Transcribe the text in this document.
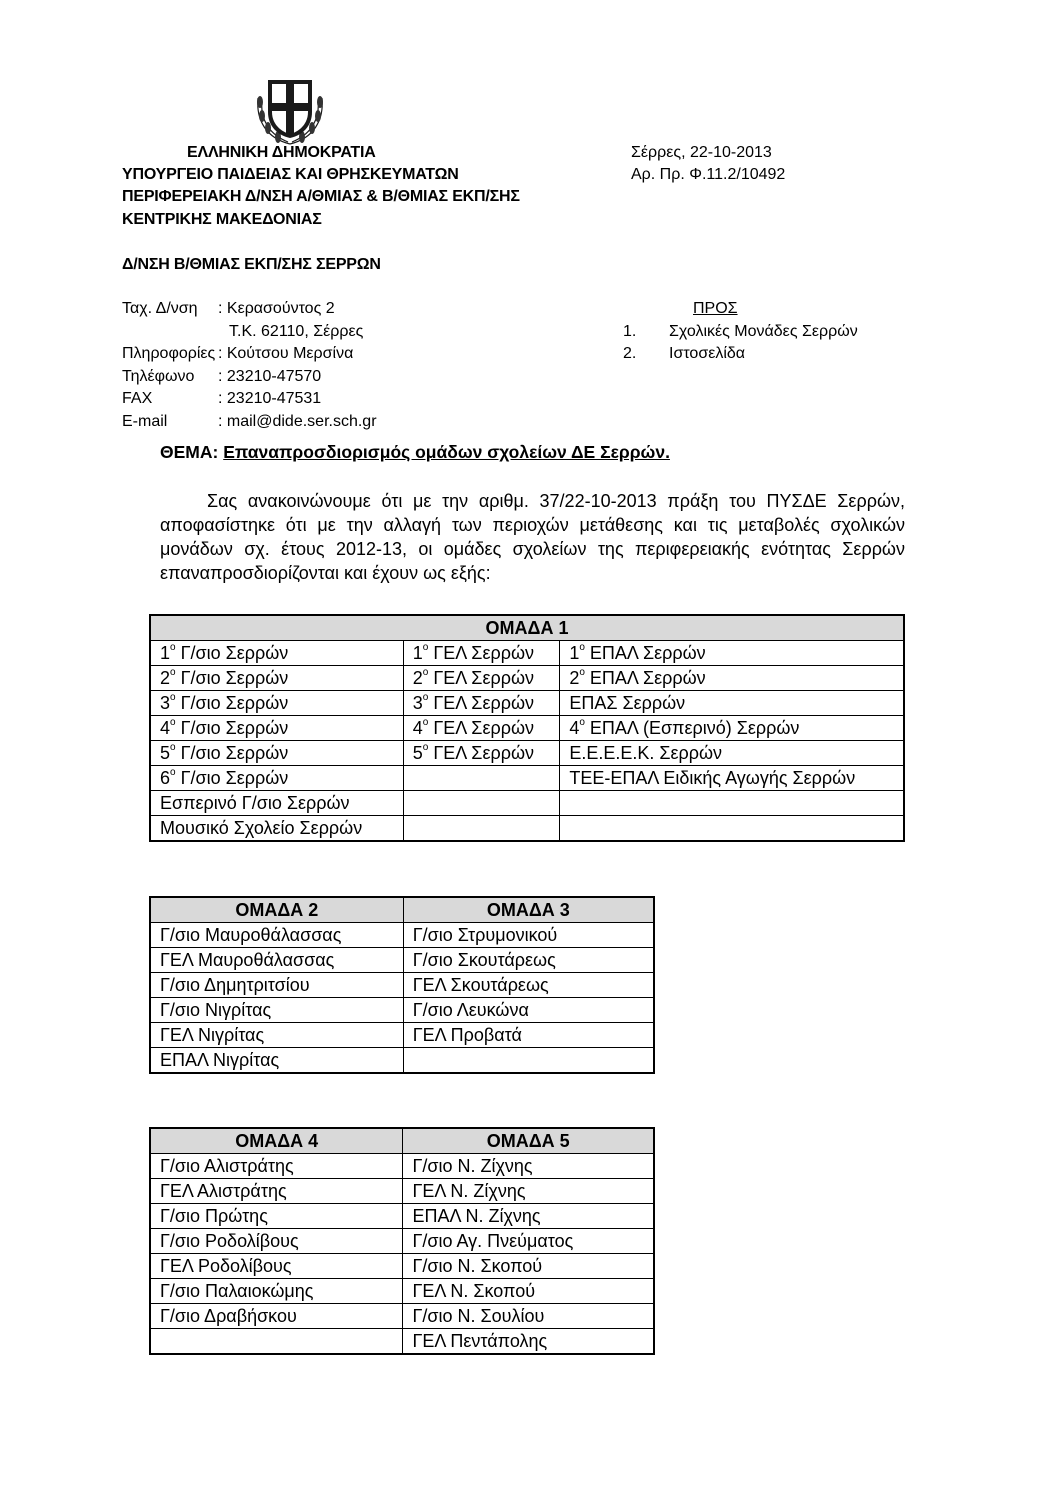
ΕΛΛΗΝΙΚΗ ΔΗΜΟΚΡΑΤΙΑ
ΥΠΟΥΡΓΕΙΟ ΠΑΙΔΕΙΑΣ ΚΑΙ ΘΡΗΣΚΕΥΜΑΤΩΝ
ΠΕΡΙΦΕΡΕΙΑΚΗ Δ/ΝΣΗ Α/ΘΜΙΑΣ & Β/ΘΜΙΑΣ ΕΚΠ/ΣΗΣ
ΚΕΝΤΡΙΚΗΣ ΜΑΚΕΔΟΝΙΑΣ
Δ/ΝΣΗ Β/ΘΜΙΑΣ ΕΚΠ/ΣΗΣ ΣΕΡΡΩΝ
Σέρρες, 22-10-2013
Αρ. Πρ. Φ.11.2/10492
Ταχ. Δ/νση : Κερασούντος 2
Τ.Κ. 62110, Σέρρες
Πληροφορίες : Κούτσου Μερσίνα
Τηλέφωνο : 23210-47570
FAX	: 23210-47531
E-mail	: mail@dide.ser.sch.gr
ΠΡΟΣ
1. Σχολικές Μονάδες Σερρών
2. Ιστοσελίδα
ΘΕΜΑ: Επαναπροσδιορισμός ομάδων σχολείων ΔΕ Σερρών.
Σας ανακοινώνουμε ότι με την αριθμ. 37/22-10-2013 πράξη του ΠΥΣΔΕ Σερρών, αποφασίστηκε ότι με την αλλαγή των περιοχών μετάθεσης και τις μεταβολές σχολικών μονάδων σχ. έτους 2012-13, οι ομάδες σχολείων της περιφερειακής ενότητας Σερρών επαναπροσδιορίζονται και έχουν ως εξής:
ΟΜΑΔΑ 1		
$1^o$ Γ/σιο Σερρών	$1^o$ ΓΕΛ Σερρών	$1^o$ ΕΠΑΛ Σερρών
$2^o$ Γ/σιο Σερρών	$2^o$ ΓΕΛ Σερρών	$2^o$ ΕΠΑΛ Σερρών
$3^o$ Γ/σιο Σερρών	$3^o$ ΓΕΛ Σερρών	ΕΠΑΣ Σερρών
$4^o$ Γ/σιο Σερρών	$4^o$ ΓΕΛ Σερρών	$4^o$ ΕΠΑΛ (Εσπερινό) Σερρών
$5^o$ Γ/σιο Σερρών	$5^o$ ΓΕΛ Σερρών	Ε.Ε.Ε.Ε.Κ. Σερρών
$6^o$ Γ/σιο Σερρών		ΤΕΕ-ΕΠΑΛ Ειδικής Αγωγής Σερρών
Εσπερινό Γ/σιο Σερρών		
Μουσικό Σχολείο Σερρών		
ΟΜΑΔΑ 2	ΟΜΑΔΑ 3
Γ/σιο Μαυροθάλασσας	Γ/σιο Στρυμονικού
ΓΕΛ Μαυροθάλασσας	Γ/σιο Σκουτάρεως
Γ/σιο Δημητριτσίου	ΓΕΛ Σκουτάρεως
Γ/σιο Νιγρίτας	Γ/σιο Λευκώνα
ΓΕΛ Νιγρίτας	ΓΕΛ Προβατά
ΕΠΑΛ Νιγρίτας	
ΟΜΑΔΑ 4	ΟΜΑΔΑ 5
Γ/σιο Αλιστράτης	Γ/σιο Ν. Ζίχνης
ΓΕΛ Αλιστράτης	ΓΕΛ Ν. Ζίχνης
Γ/σιο Πρώτης	ΕΠΑΛ Ν. Ζίχνης
Γ/σιο Ροδολίβους	Γ/σιο Αγ. Πνεύματος
ΓΕΛ Ροδολίβους	Γ/σιο Ν. Σκοπού
Γ/σιο Παλαιοκώμης	ΓΕΛ Ν. Σκοπού
Γ/σιο Δραβήσκου	Γ/σιο Ν. Σουλίου
	ΓΕΛ Πεντάπολης
